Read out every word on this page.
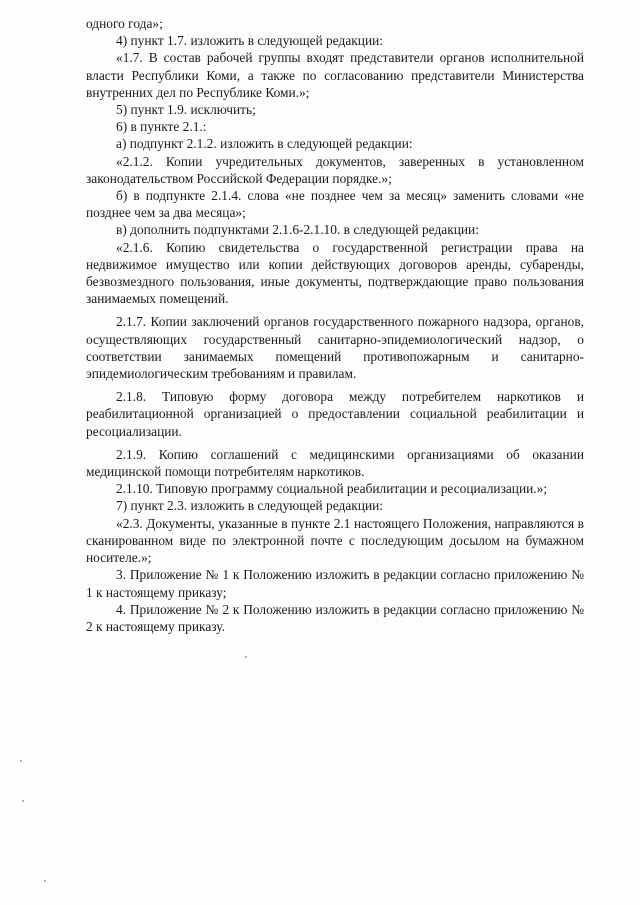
одного года»;

4) пункт 1.7. изложить в следующей редакции:

«1.7. В состав рабочей группы входят представители органов исполнительной власти Республики Коми, а также по согласованию представители Министерства внутренних дел по Республике Коми.»;

5) пункт 1.9. исключить;

6) в пункте 2.1.:

а) подпункт 2.1.2. изложить в следующей редакции:

«2.1.2. Копии учредительных документов, заверенных в установленном законодательством Российской Федерации порядке.»;

б) в подпункте 2.1.4. слова «не позднее чем за месяц» заменить словами «не позднее чем за два месяца»;

в) дополнить подпунктами 2.1.6-2.1.10. в следующей редакции:

«2.1.6. Копию свидетельства о государственной регистрации права на недвижимое имущество или копии действующих договоров аренды, субаренды, безвозмездного пользования, иные документы, подтверждающие право пользования занимаемых помещений.

2.1.7. Копии заключений органов государственного пожарного надзора, органов, осуществляющих государственный санитарно-эпидемиологический надзор, о соответствии занимаемых помещений противопожарным и санитарно-эпидемиологическим требованиям и правилам.

2.1.8. Типовую форму договора между потребителем наркотиков и реабилитационной организацией о предоставлении социальной реабилитации и ресоциализации.

2.1.9. Копию соглашений с медицинскими организациями об оказании медицинской помощи потребителям наркотиков.

2.1.10. Типовую программу социальной реабилитации и ресоциализации.»;

7) пункт 2.3. изложить в следующей редакции:

«2.3. Документы, указанные в пункте 2.1 настоящего Положения, направляются в сканированном виде по электронной почте с последующим досылом на бумажном носителе.»;

3. Приложение № 1 к Положению изложить в редакции согласно приложению № 1 к настоящему приказу;

4. Приложение № 2 к Положению изложить в редакции согласно приложению № 2 к настоящему приказу.
